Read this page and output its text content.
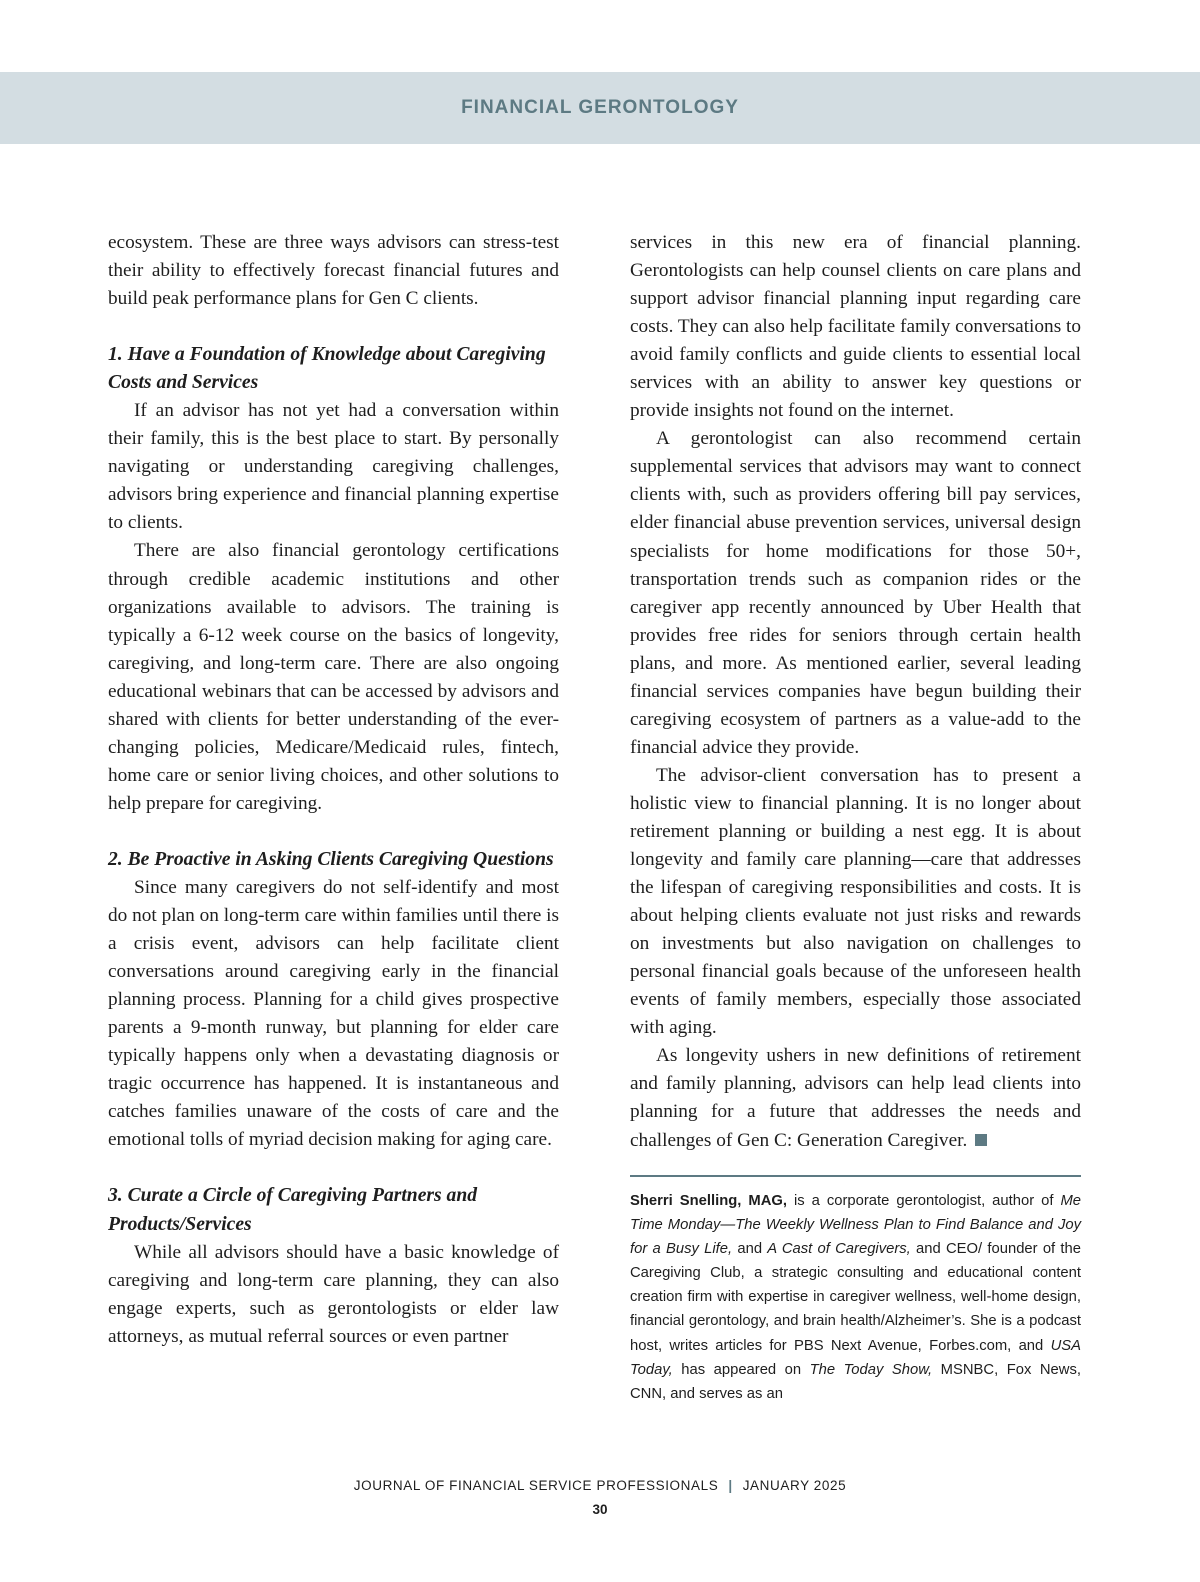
FINANCIAL GERONTOLOGY

ecosystem. These are three ways advisors can stress-test their ability to effectively forecast financial futures and build peak performance plans for Gen C clients.

1. Have a Foundation of Knowledge about Caregiving Costs and Services

If an advisor has not yet had a conversation within their family, this is the best place to start. By personally navigating or understanding caregiving challenges, advisors bring experience and financial planning expertise to clients.

There are also financial gerontology certifications through credible academic institutions and other organizations available to advisors. The training is typically a 6-12 week course on the basics of longevity, caregiving, and long-term care. There are also ongoing educational webinars that can be accessed by advisors and shared with clients for better understanding of the ever-changing policies, Medicare/Medicaid rules, fintech, home care or senior living choices, and other solutions to help prepare for caregiving.

2. Be Proactive in Asking Clients Caregiving Questions

Since many caregivers do not self-identify and most do not plan on long-term care within families until there is a crisis event, advisors can help facilitate client conversations around caregiving early in the financial planning process. Planning for a child gives prospective parents a 9-month runway, but planning for elder care typically happens only when a devastating diagnosis or tragic occurrence has happened. It is instantaneous and catches families unaware of the costs of care and the emotional tolls of myriad decision making for aging care.

3. Curate a Circle of Caregiving Partners and Products/Services

While all advisors should have a basic knowledge of caregiving and long-term care planning, they can also engage experts, such as gerontologists or elder law attorneys, as mutual referral sources or even partner

services in this new era of financial planning. Gerontologists can help counsel clients on care plans and support advisor financial planning input regarding care costs. They can also help facilitate family conversations to avoid family conflicts and guide clients to essential local services with an ability to answer key questions or provide insights not found on the internet.

A gerontologist can also recommend certain supplemental services that advisors may want to connect clients with, such as providers offering bill pay services, elder financial abuse prevention services, universal design specialists for home modifications for those 50+, transportation trends such as companion rides or the caregiver app recently announced by Uber Health that provides free rides for seniors through certain health plans, and more. As mentioned earlier, several leading financial services companies have begun building their caregiving ecosystem of partners as a value-add to the financial advice they provide.

The advisor-client conversation has to present a holistic view to financial planning. It is no longer about retirement planning or building a nest egg. It is about longevity and family care planning—care that addresses the lifespan of caregiving responsibilities and costs. It is about helping clients evaluate not just risks and rewards on investments but also navigation on challenges to personal financial goals because of the unforeseen health events of family members, especially those associated with aging.

As longevity ushers in new definitions of retirement and family planning, advisors can help lead clients into planning for a future that addresses the needs and challenges of Gen C: Generation Caregiver.

Sherri Snelling, MAG, is a corporate gerontologist, author of Me Time Monday—The Weekly Wellness Plan to Find Balance and Joy for a Busy Life, and A Cast of Caregivers, and CEO/ founder of the Caregiving Club, a strategic consulting and educational content creation firm with expertise in caregiver wellness, well-home design, financial gerontology, and brain health/Alzheimer’s. She is a podcast host, writes articles for PBS Next Avenue, Forbes.com, and USA Today, has appeared on The Today Show, MSNBC, Fox News, CNN, and serves as an
JOURNAL OF FINANCIAL SERVICE PROFESSIONALS | JANUARY 2025
30
